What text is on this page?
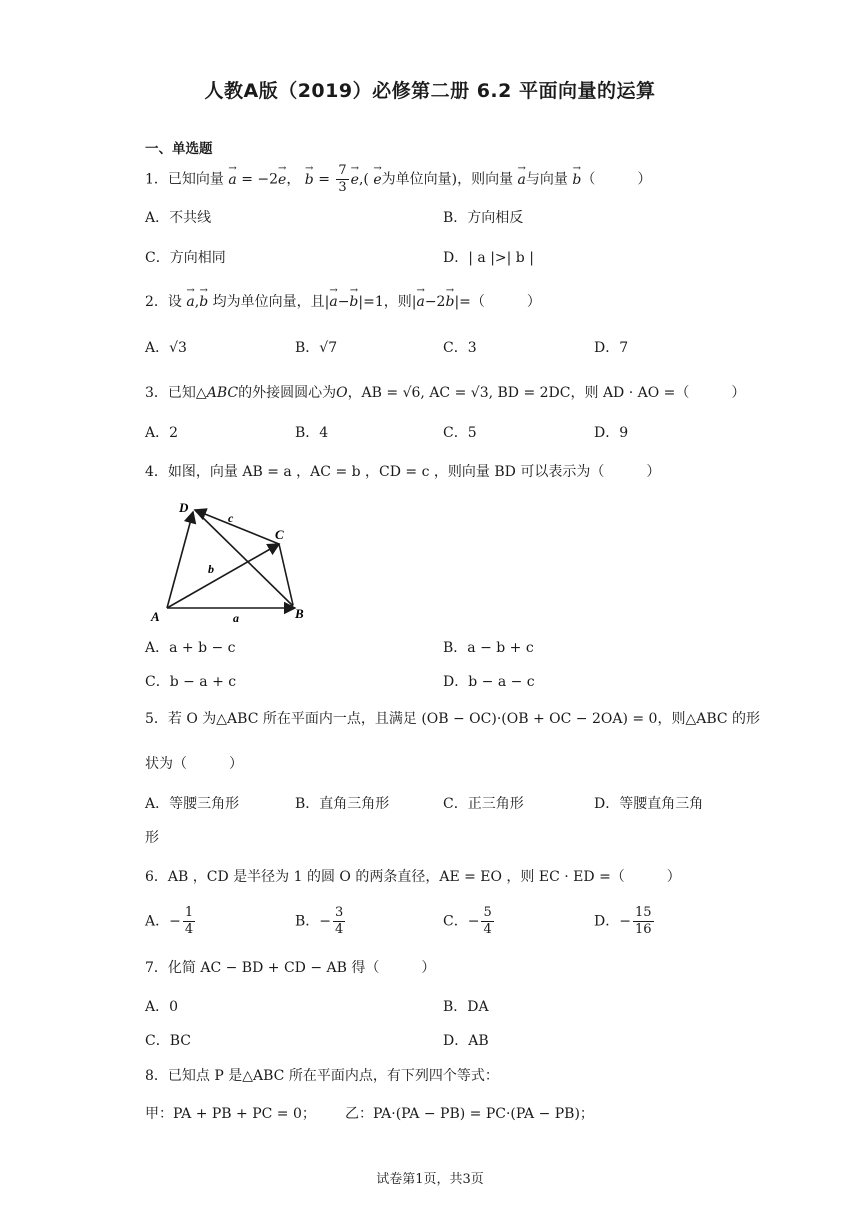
人教A版（2019）必修第二册 6.2 平面向量的运算
一、单选题
1．已知向量 → a = −2→ e， → $b = \frac{7}{3}$
→ e,( → e为单位向量)，则向量 → a与向量 → b（　　　）
A．不共线	B．方向相反
C．方向相同	D．| a |>| b |
2．设 → a,→ b 均为单位向量，且|→ a−→ b|=1，则|→ a−2→ b|=（　　　）
A．√3	B．√7	C．3	D．7
3．已知△ABC的外接圆圆心为O，AB = √6, AC = √3, BD = 2DC，则 AD · AO =（　　　）
A．2	B．4	C．5	D．9
4．如图，向量 AB = a ，AC = b ，CD = c ，则向量 BD 可以表示为（　　　）
D
C
A	B
a
b
c
A．a + b − c	B．a − b + c
C．b − a + c	D．b − a − c
5．若 O 为△ABC 所在平面内一点，且满足 (OB − OC)·(OB + OC − 2OA) = 0，则△ABC 的形
状为（　　　）
A．等腰三角形	B．直角三角形	C．正三角形	D．等腰直角三角
形
6．AB ，CD 是半径为 1 的圆 O 的两条直径，AE = EO ，则 EC · ED =（　　　）
A．− $\frac{1}{4}$	B．− $\frac{3}{4}$	C．− $\frac{5}{4}$	D．− $\frac{15}{16}$
7．化简 AC − BD + CD − AB 得（　　　）
A．0	B．DA
C．BC	D．AB
8．已知点 P 是△ABC 所在平面内点，有下列四个等式：
甲：PA + PB + PC = 0； 乙：PA·(PA − PB) = PC·(PA − PB)；
试卷第1页，共3页
